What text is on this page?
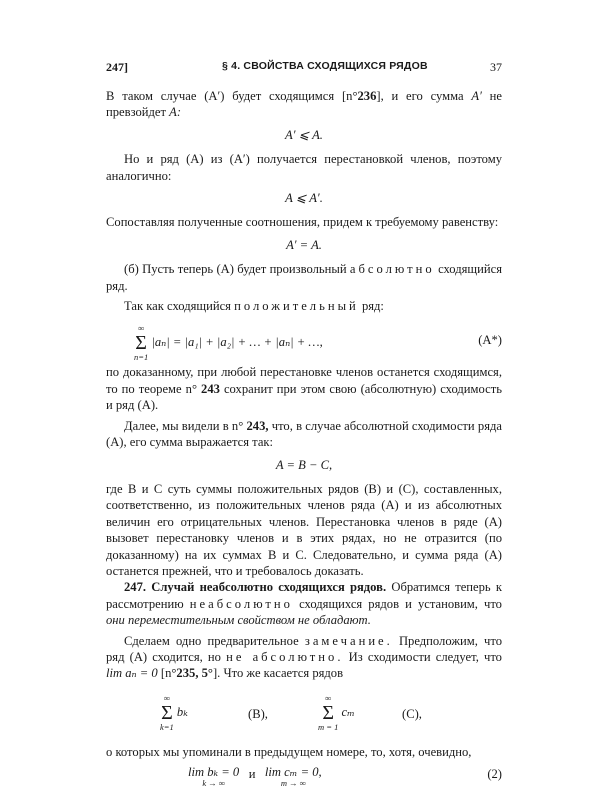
247]	§ 4. СВОЙСТВА СХОДЯЩИХСЯ РЯДОВ	37

В таком случае (A′) будет сходящимся [n°236], и его сумма A′ не превзойдет A:

A′ ⩽ A.

Но и ряд (A) из (A′) получается перестановкой членов, поэтому аналогично:

A ⩽ A′.

Сопоставляя полученные соотношения, придем к требуемому равенству:

A′ = A.

(б) Пусть теперь (A) будет произвольный абсолютно сходящийся ряд.

Так как сходящийся положительный ряд:

∞
Σ
n=1
|aₙ| = |a₁| + |a₂| + … + |aₙ| + …,	(A*)

по доказанному, при любой перестановке членов останется сходящимся, то по теореме n° 243 сохранит при этом свою (абсолютную) сходимость и ряд (A).

Далее, мы видели в n° 243, что, в случае абсолютной сходимости ряда (A), его сумма выражается так:

A = B − C,

где B и C суть суммы положительных рядов (B) и (C), составленных, соответственно, из положительных членов ряда (A) и из абсолютных величин его отрицательных членов. Перестановка членов в ряде (A) вызовет перестановку членов и в этих рядах, но не отразится (по доказанному) на их суммах B и C. Следовательно, и сумма ряда (A) останется прежней, что и требовалось доказать.

247. Случай неабсолютно сходящихся рядов. Обратимся теперь к рассмотрению неабсолютно сходящихся рядов и установим, что они переместительным свойством не обладают.

Сделаем одно предварительное замечание. Предположим, что ряд (A) сходится, но не абсолютно. Из сходимости следует, что lim aₙ = 0 [n°235, 5°]. Что же касается рядов

∞
Σ
k=1
bₖ	(B),
∞
Σ
m = 1
cₘ	(C),

о которых мы упоминали в предыдущем номере, то, хотя, очевидно,

lim bₖ = 0
k → ∞
и lim cₘ = 0,
m → ∞
(2)
